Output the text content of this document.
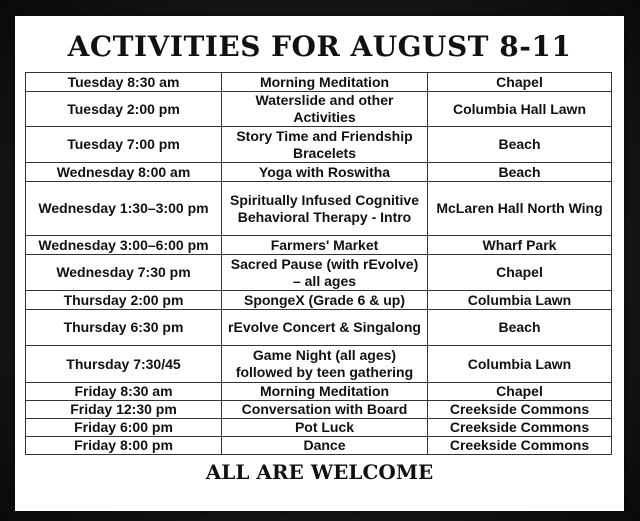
ACTIVITIES FOR AUGUST 8-11
Tuesday 8:30 am	Morning Meditation	Chapel
Tuesday 2:00 pm	Waterslide and other Activities	Columbia Hall Lawn
Tuesday 7:00 pm	Story Time and Friendship Bracelets	Beach
Wednesday 8:00 am	Yoga with Roswitha	Beach
Wednesday 1:30–3:00 pm	Spiritually Infused Cognitive Behavioral Therapy - Intro	McLaren Hall North Wing
Wednesday 3:00–6:00 pm	Farmers' Market	Wharf Park
Wednesday 7:30 pm	Sacred Pause (with rEvolve) – all ages	Chapel
Thursday 2:00 pm	SpongeX (Grade 6 & up)	Columbia Lawn
Thursday 6:30 pm	rEvolve Concert & Singalong	Beach
Thursday 7:30/45	Game Night (all ages) followed by teen gathering	Columbia Lawn
Friday 8:30 am	Morning Meditation	Chapel
Friday 12:30 pm	Conversation with Board	Creekside Commons
Friday 6:00 pm	Pot Luck	Creekside Commons
Friday 8:00 pm	Dance	Creekside Commons
ALL ARE WELCOME
